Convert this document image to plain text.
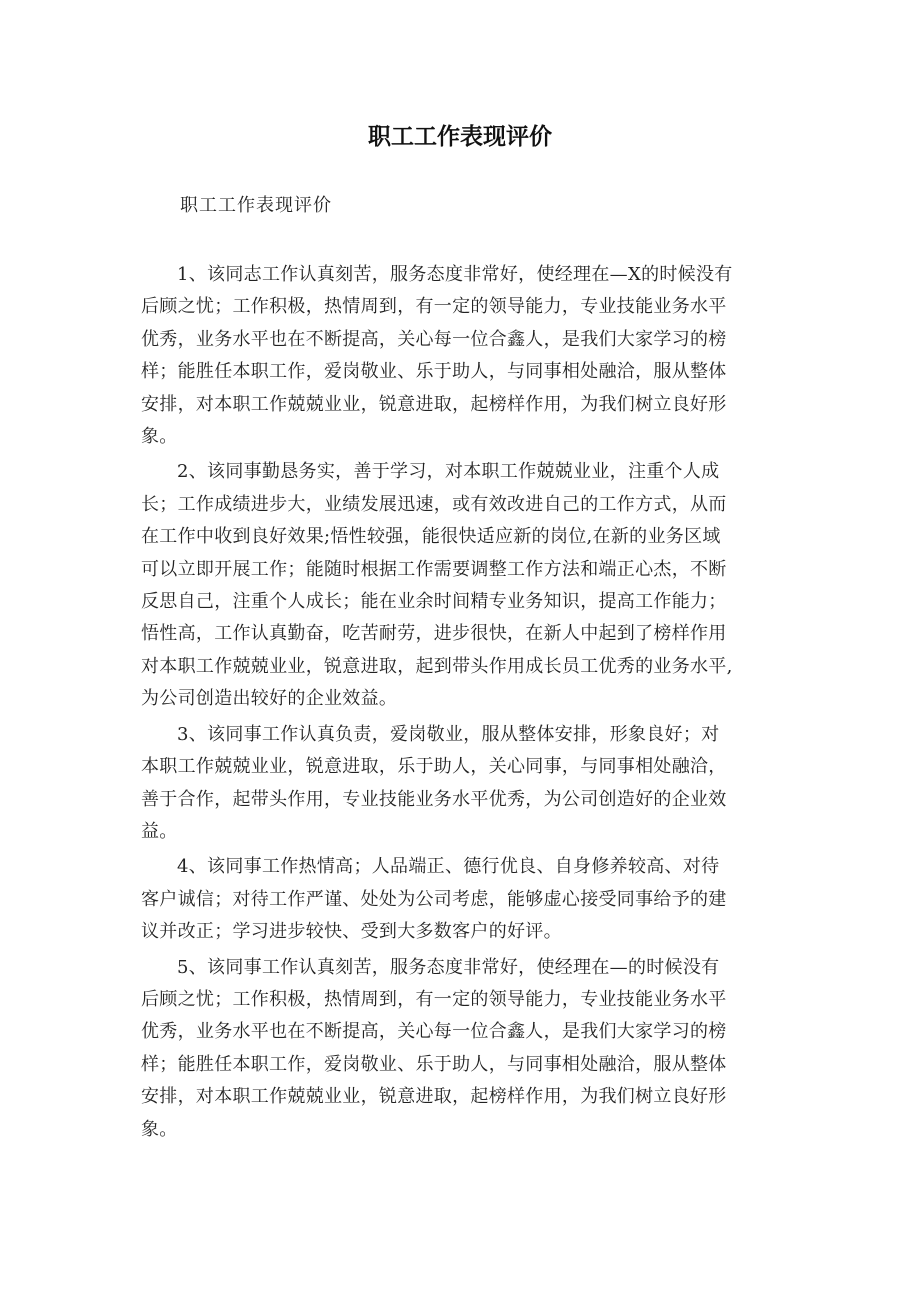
职工工作表现评价
职工工作表现评价

1、该同志工作认真刻苦，服务态度非常好，使经理在—X的时候没有
后顾之忧；工作积极，热情周到，有一定的领导能力，专业技能业务水平
优秀，业务水平也在不断提高，关心每一位合鑫人，是我们大家学习的榜
样；能胜任本职工作，爱岗敬业、乐于助人，与同事相处融洽，服从整体
安排，对本职工作兢兢业业，锐意进取，起榜样作用，为我们树立良好形
象。

2、该同事勤恳务实，善于学习，对本职工作兢兢业业，注重个人成
长；工作成绩进步大，业绩发展迅速，或有效改进自己的工作方式，从而
在工作中收到良好效果;悟性较强，能很快适应新的岗位,在新的业务区域
可以立即开展工作；能随时根据工作需要调整工作方法和端正心杰，不断
反思自己，注重个人成长；能在业余时间精专业务知识，提高工作能力；
悟性高，工作认真勤奋，吃苦耐劳，进步很快，在新人中起到了榜样作用
对本职工作兢兢业业，锐意进取，起到带头作用成长员工优秀的业务水平,
为公司创造出较好的企业效益。

3、该同事工作认真负责，爱岗敬业，服从整体安排，形象良好；对
本职工作兢兢业业，锐意进取，乐于助人，关心同事，与同事相处融洽，
善于合作，起带头作用，专业技能业务水平优秀，为公司创造好的企业效
益。

4、该同事工作热情高；人品端正、德行优良、自身修养较高、对待
客户诚信；对待工作严谨、处处为公司考虑，能够虚心接受同事给予的建
议并改正；学习进步较快、受到大多数客户的好评。

5、该同事工作认真刻苦，服务态度非常好，使经理在—的时候没有
后顾之忧；工作积极，热情周到，有一定的领导能力，专业技能业务水平
优秀，业务水平也在不断提高，关心每一位合鑫人，是我们大家学习的榜
样；能胜任本职工作，爱岗敬业、乐于助人，与同事相处融洽，服从整体
安排，对本职工作兢兢业业，锐意进取，起榜样作用，为我们树立良好形
象。
